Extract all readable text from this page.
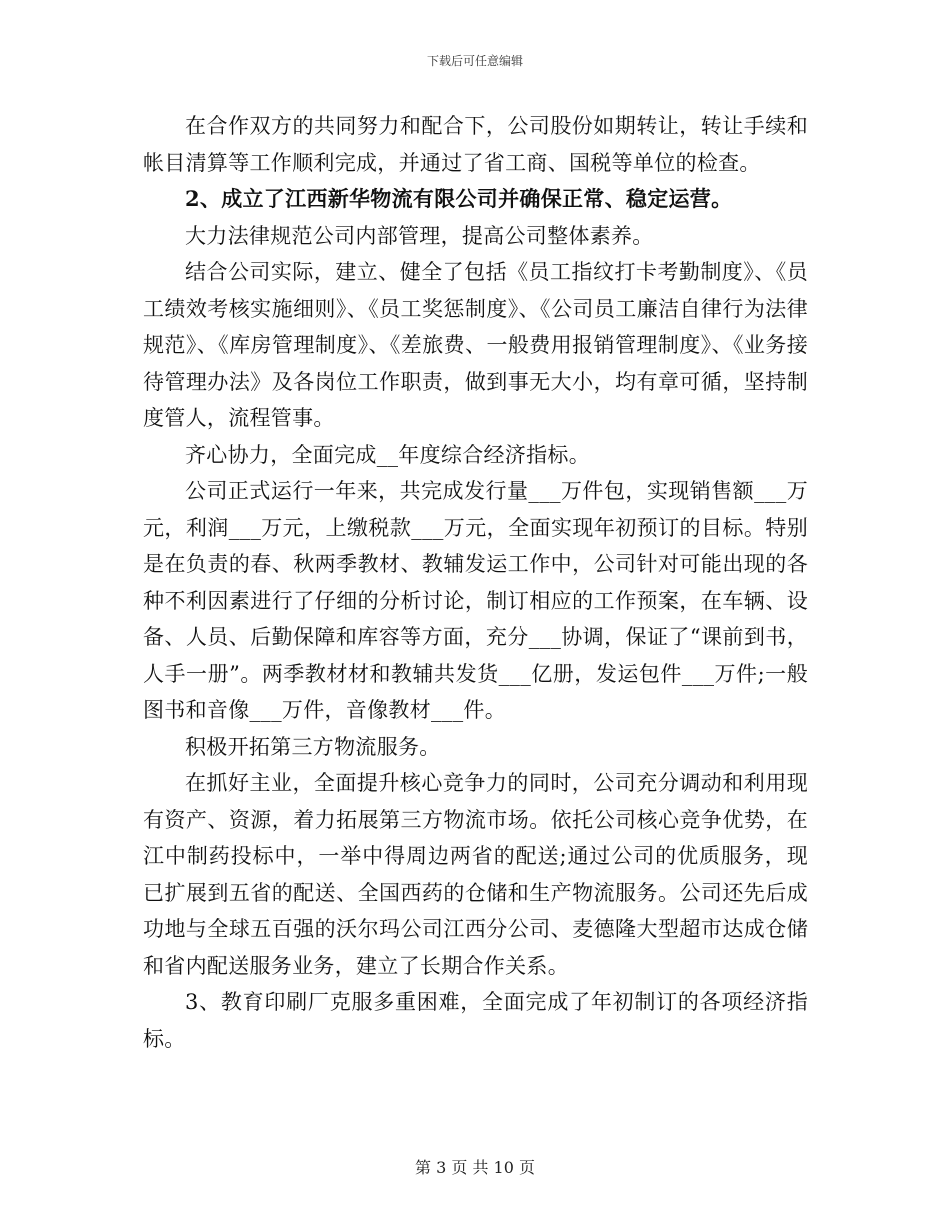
下载后可任意编辑

在合作双方的共同努力和配合下，公司股份如期转让，转让手续和帐目清算等工作顺利完成，并通过了省工商、国税等单位的检查。

2、成立了江西新华物流有限公司并确保正常、稳定运营。

大力法律规范公司内部管理，提高公司整体素养。

结合公司实际，建立、健全了包括《员工指纹打卡考勤制度》、《员工绩效考核实施细则》、《员工奖惩制度》、《公司员工廉洁自律行为法律规范》、《库房管理制度》、《差旅费、一般费用报销管理制度》、《业务接待管理办法》及各岗位工作职责，做到事无大小，均有章可循，坚持制度管人，流程管事。

齐心协力，全面完成__年度综合经济指标。

公司正式运行一年来，共完成发行量___万件包，实现销售额___万元，利润___万元，上缴税款___万元，全面实现年初预订的目标。特别是在负责的春、秋两季教材、教辅发运工作中，公司针对可能出现的各种不利因素进行了仔细的分析讨论，制订相应的工作预案，在车辆、设备、人员、后勤保障和库容等方面，充分___协调，保证了“课前到书，人手一册”。两季教材材和教辅共发货___亿册，发运包件___万件;一般图书和音像___万件，音像教材___件。

积极开拓第三方物流服务。

在抓好主业，全面提升核心竞争力的同时，公司充分调动和利用现有资产、资源，着力拓展第三方物流市场。依托公司核心竞争优势，在江中制药投标中，一举中得周边两省的配送;通过公司的优质服务，现已扩展到五省的配送、全国西药的仓储和生产物流服务。公司还先后成功地与全球五百强的沃尔玛公司江西分公司、麦德隆大型超市达成仓储和省内配送服务业务，建立了长期合作关系。

3、教育印刷厂克服多重困难，全面完成了年初制订的各项经济指标。

第 3 页 共 10 页
